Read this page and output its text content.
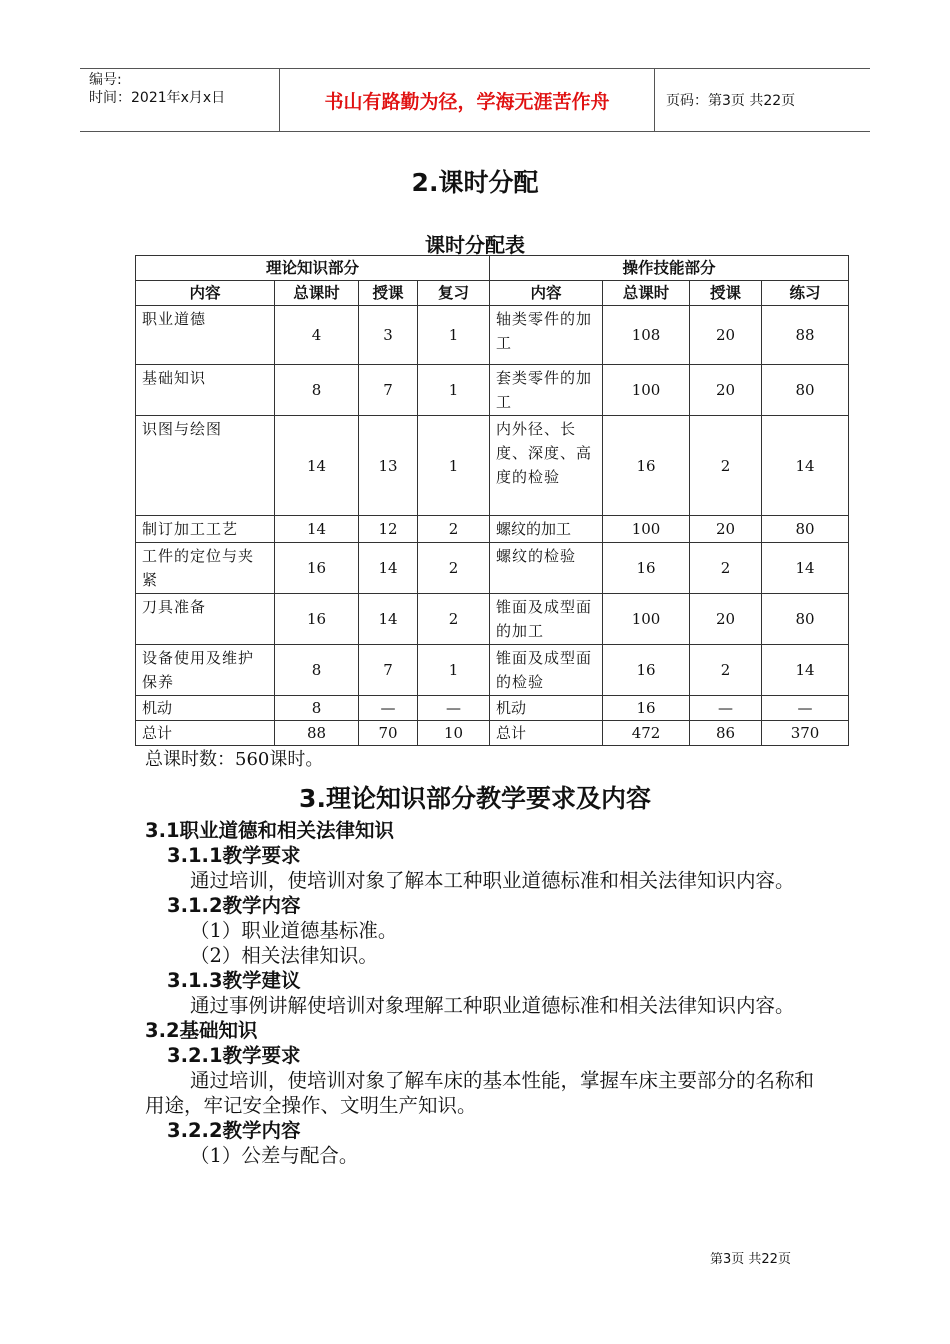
编号:
时间：2021年x月x日	书山有路勤为径，学海无涯苦作舟	页码：第3页 共22页
2.课时分配
课时分配表
理论知识部分				操作技能部分			
内容	总课时	授课	复习	内容	总课时	授课	练习
职业道德	4	3	1	轴类零件的加工	108	20	88
基础知识	8	7	1	套类零件的加工	100	20	80
识图与绘图	14	13	1	内外径、长度、深度、高度的检验	16	2	14
制订加工工艺	14	12	2	螺纹的加工	100	20	80
工件的定位与夹紧	16	14	2	螺纹的检验	16	2	14
刀具准备	16	14	2	锥面及成型面的加工	100	20	80
设备使用及维护保养	8	7	1	锥面及成型面的检验	16	2	14
机动	8	—	—	机动	16	—	—
总计	88	70	10	总计	472	86	370
总课时数：560课时。
3.理论知识部分教学要求及内容
3.1职业道德和相关法律知识
3.1.1教学要求
通过培训，使培训对象了解本工种职业道德标准和相关法律知识内容。
3.1.2教学内容
（1）职业道德基标准。
（2）相关法律知识。
3.1.3教学建议
通过事例讲解使培训对象理解工种职业道德标准和相关法律知识内容。
3.2基础知识
3.2.1教学要求
通过培训，使培训对象了解车床的基本性能，掌握车床主要部分的名称和用途，牢记安全操作、文明生产知识。
3.2.2教学内容
（1）公差与配合。
第3页 共22页
